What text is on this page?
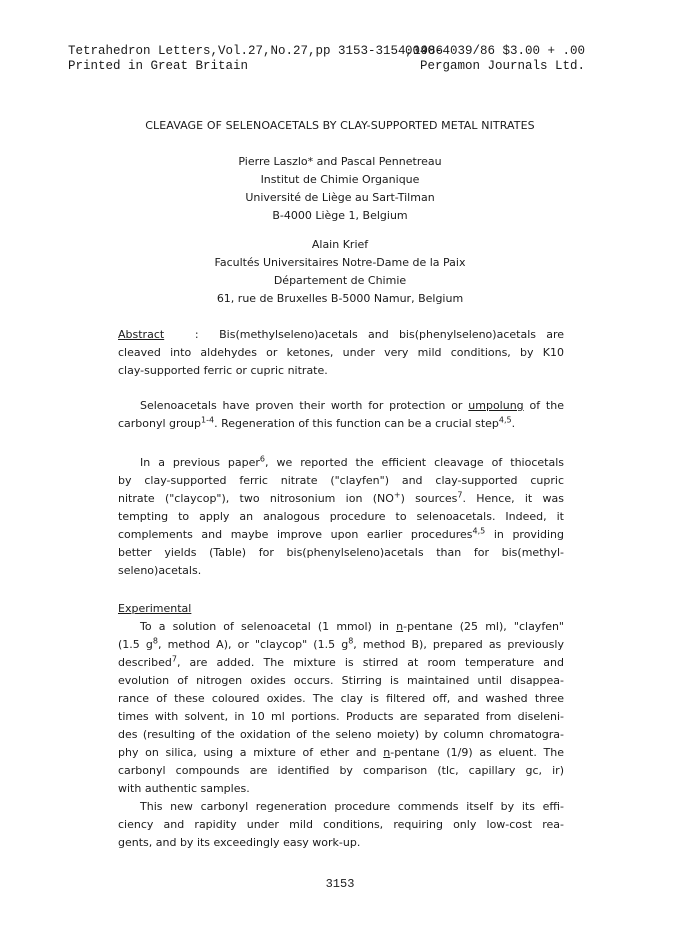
Tetrahedron Letters,Vol.27,No.27,pp 3153-3154,1986
Printed in Great Britain
0040-4039/86 $3.00 + .00
Pergamon Journals Ltd.
CLEAVAGE OF SELENOACETALS BY CLAY-SUPPORTED METAL NITRATES
Pierre Laszlo* and Pascal Pennetreau
Institut de Chimie Organique
Université de Liège au Sart-Tilman
B-4000 Liège 1, Belgium
Alain Krief
Facultés Universitaires Notre-Dame de la Paix
Département de Chimie
61, rue de Bruxelles B-5000 Namur, Belgium
Abstract	: Bis(methylseleno)acetals and bis(phenylseleno)acetals are
cleaved into aldehydes or ketones, under very mild conditions, by K10
clay-supported ferric or cupric nitrate.
Selenoacetals have proven their worth for protection or umpolung of the
carbonyl group$^{1-4}$. Regeneration of this function can be a crucial step$^{4,5}$.
In a previous paper$^6$, we reported the efficient cleavage of thiocetals
by clay-supported ferric nitrate ("clayfen") and clay-supported cupric
nitrate ("claycop"), two nitrosonium ion (NO+) sources$^7$. Hence, it was
tempting to apply an analogous procedure to selenoacetals. Indeed, it
complements and maybe improve upon earlier procedures$^{4,5}$ in providing
better yields (Table) for bis(phenylseleno)acetals than for bis(methyl-
seleno)acetals.
Experimental
To a solution of selenoacetal (1 mmol) in n-pentane (25 ml), "clayfen"
(1.5 $g^8$, method A), or "claycop" (1.5 $g^8$, method B), prepared as previously
described$^7$, are added. The mixture is stirred at room temperature and
evolution of nitrogen oxides occurs. Stirring is maintained until disappea-
rance of these coloured oxides. The clay is filtered off, and washed three
times with solvent, in 10 ml portions. Products are separated from diseleni-
des (resulting of the oxidation of the seleno moiety) by column chromatogra-
phy on silica, using a mixture of ether and n-pentane (1/9) as eluent. The
carbonyl compounds are identified by comparison (tlc, capillary gc, ir)
with authentic samples.
This new carbonyl regeneration procedure commends itself by its effi-
ciency and rapidity under mild conditions, requiring only low-cost rea-
gents, and by its exceedingly easy work-up.
3153
